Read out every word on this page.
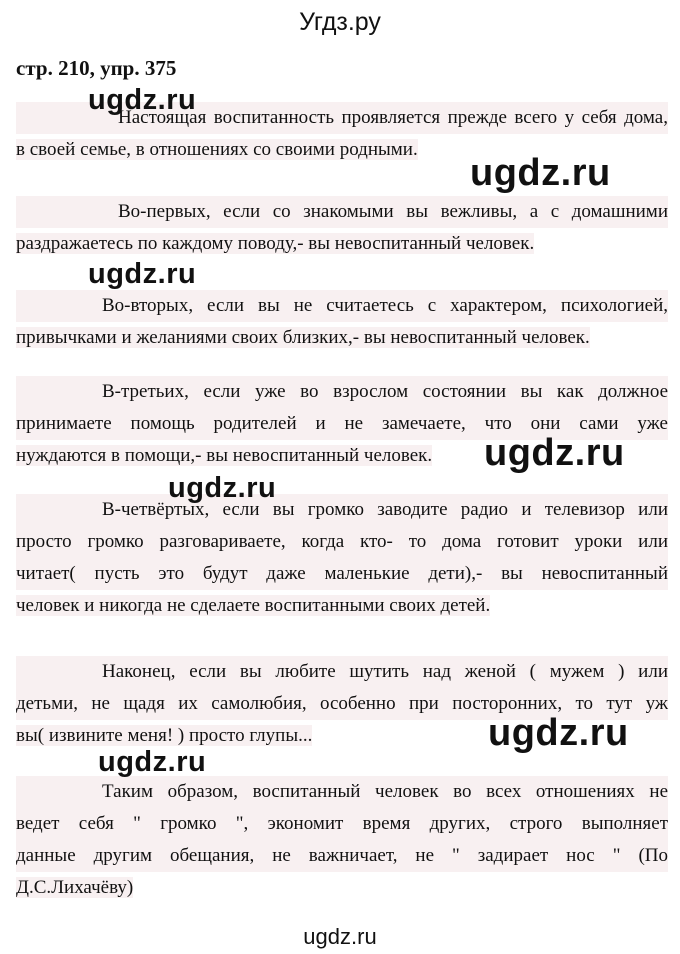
Угдз.ру
стр. 210, упр. 375
Настоящая воспитанность проявляется прежде всего у себя дома,
в своей семье, в отношениях со своими родными.
Во-первых, если со знакомыми вы вежливы, а с домашними
раздражаетесь по каждому поводу,- вы невоспитанный человек.
Во-вторых, если вы не считаетесь с характером, психологией,
привычками и желаниями своих близких,- вы невоспитанный человек.
В-третьих, если уже во взрослом состоянии вы как должное
принимаете помощь родителей и не замечаете, что они сами уже
нуждаются в помощи,- вы невоспитанный человек.
В-четвёртых, если вы громко заводите радио и телевизор или
просто громко разговариваете, когда кто- то дома готовит уроки или
читает( пусть это будут даже маленькие дети),- вы невоспитанный
человек и никогда не сделаете воспитанными своих детей.
Наконец, если вы любите шутить над женой ( мужем ) или
детьми, не щадя их самолюбия, особенно при посторонних, то тут уж
вы( извините меня! ) просто глупы...
Таким образом, воспитанный человек во всех отношениях не
ведет себя " громко ", экономит время других, строго выполняет
данные другим обещания, не важничает, не " задирает нос " (По
Д.С.Лихачёву)
ugdz.ru
ugdz.ru
ugdz.ru
ugdz.ru
ugdz.ru
ugdz.ru
ugdz.ru
ugdz.ru
